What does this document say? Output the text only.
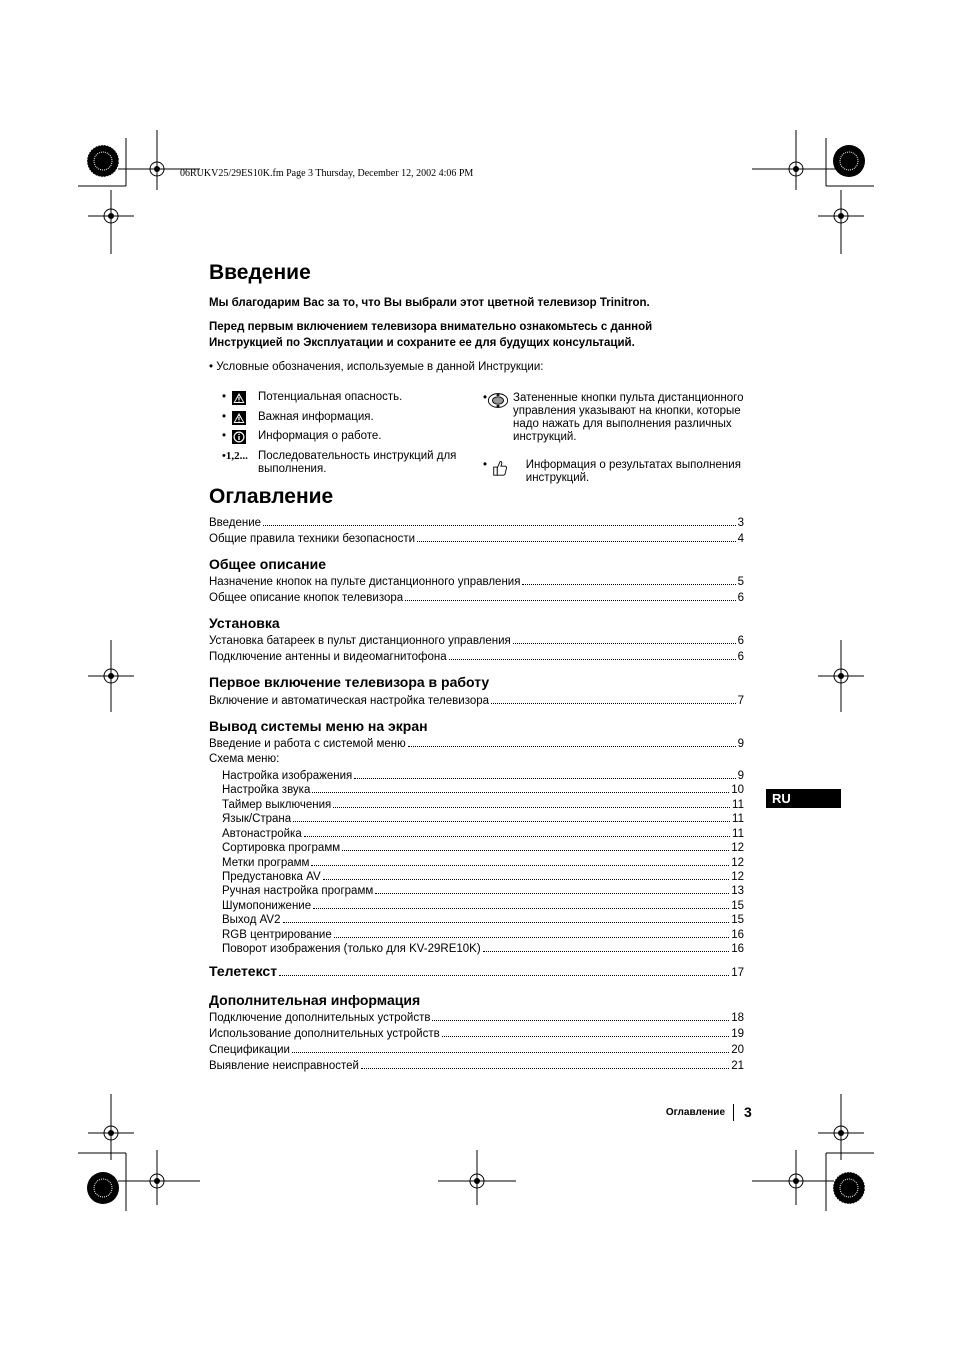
06RUKV25/29ES10K.fm Page 3 Thursday, December 12, 2002 4:06 PM
Введение
Мы благодарим Вас за то, что Вы выбрали этот цветной телевизор Trinitron.
Перед первым включением телевизора внимательно ознакомьтесь с данной Инструкцией по Эксплуатации и сохраните ее для будущих консультаций.
• Условные обозначения, используемые в данной Инструкции:
•	Потенциальная опасность.
•	Важная информация.
•	Информация о работе.
•1,2... Последовательность инструкций для выполнения.
• Затененные кнопки пульта дистанционного управления указывают на кнопки, которые надо нажать для выполнения различных инструкций.
•	Информация о результатах выполнения инструкций.
Оглавление
Введение	3
Общие правила техники безопасности	4
Общее описание
Назначение кнопок на пульте дистанционного управления	5
Общее описание кнопок телевизора	6
Установка
Установка батареек в пульт дистанционного управления	6
Подключение антенны и видеомагнитофона	6
Первое включение телевизора в работу
Включение и автоматическая настройка телевизора	7
Вывод системы меню на экран
Введение и работа с системой меню	9
Схема меню:
Настройка изображения	9
Настройка звука	10
Таймер выключения	11
Язык/Страна	11
Автонастройка	11
Сортировка программ	12
Метки программ	12
Предустановка AV	12
Ручная настройка программ	13
Шумопонижение	15
Выход AV2	15
RGB центрирование	16
Поворот изображения (только для KV-29RE10K)	16
Телетекст	17
Дополнительная информация
Подключение дополнительных устройств	18
Использование дополнительных устройств	19
Спецификации	20
Выявление неисправностей	21
RU
Оглавление 3
